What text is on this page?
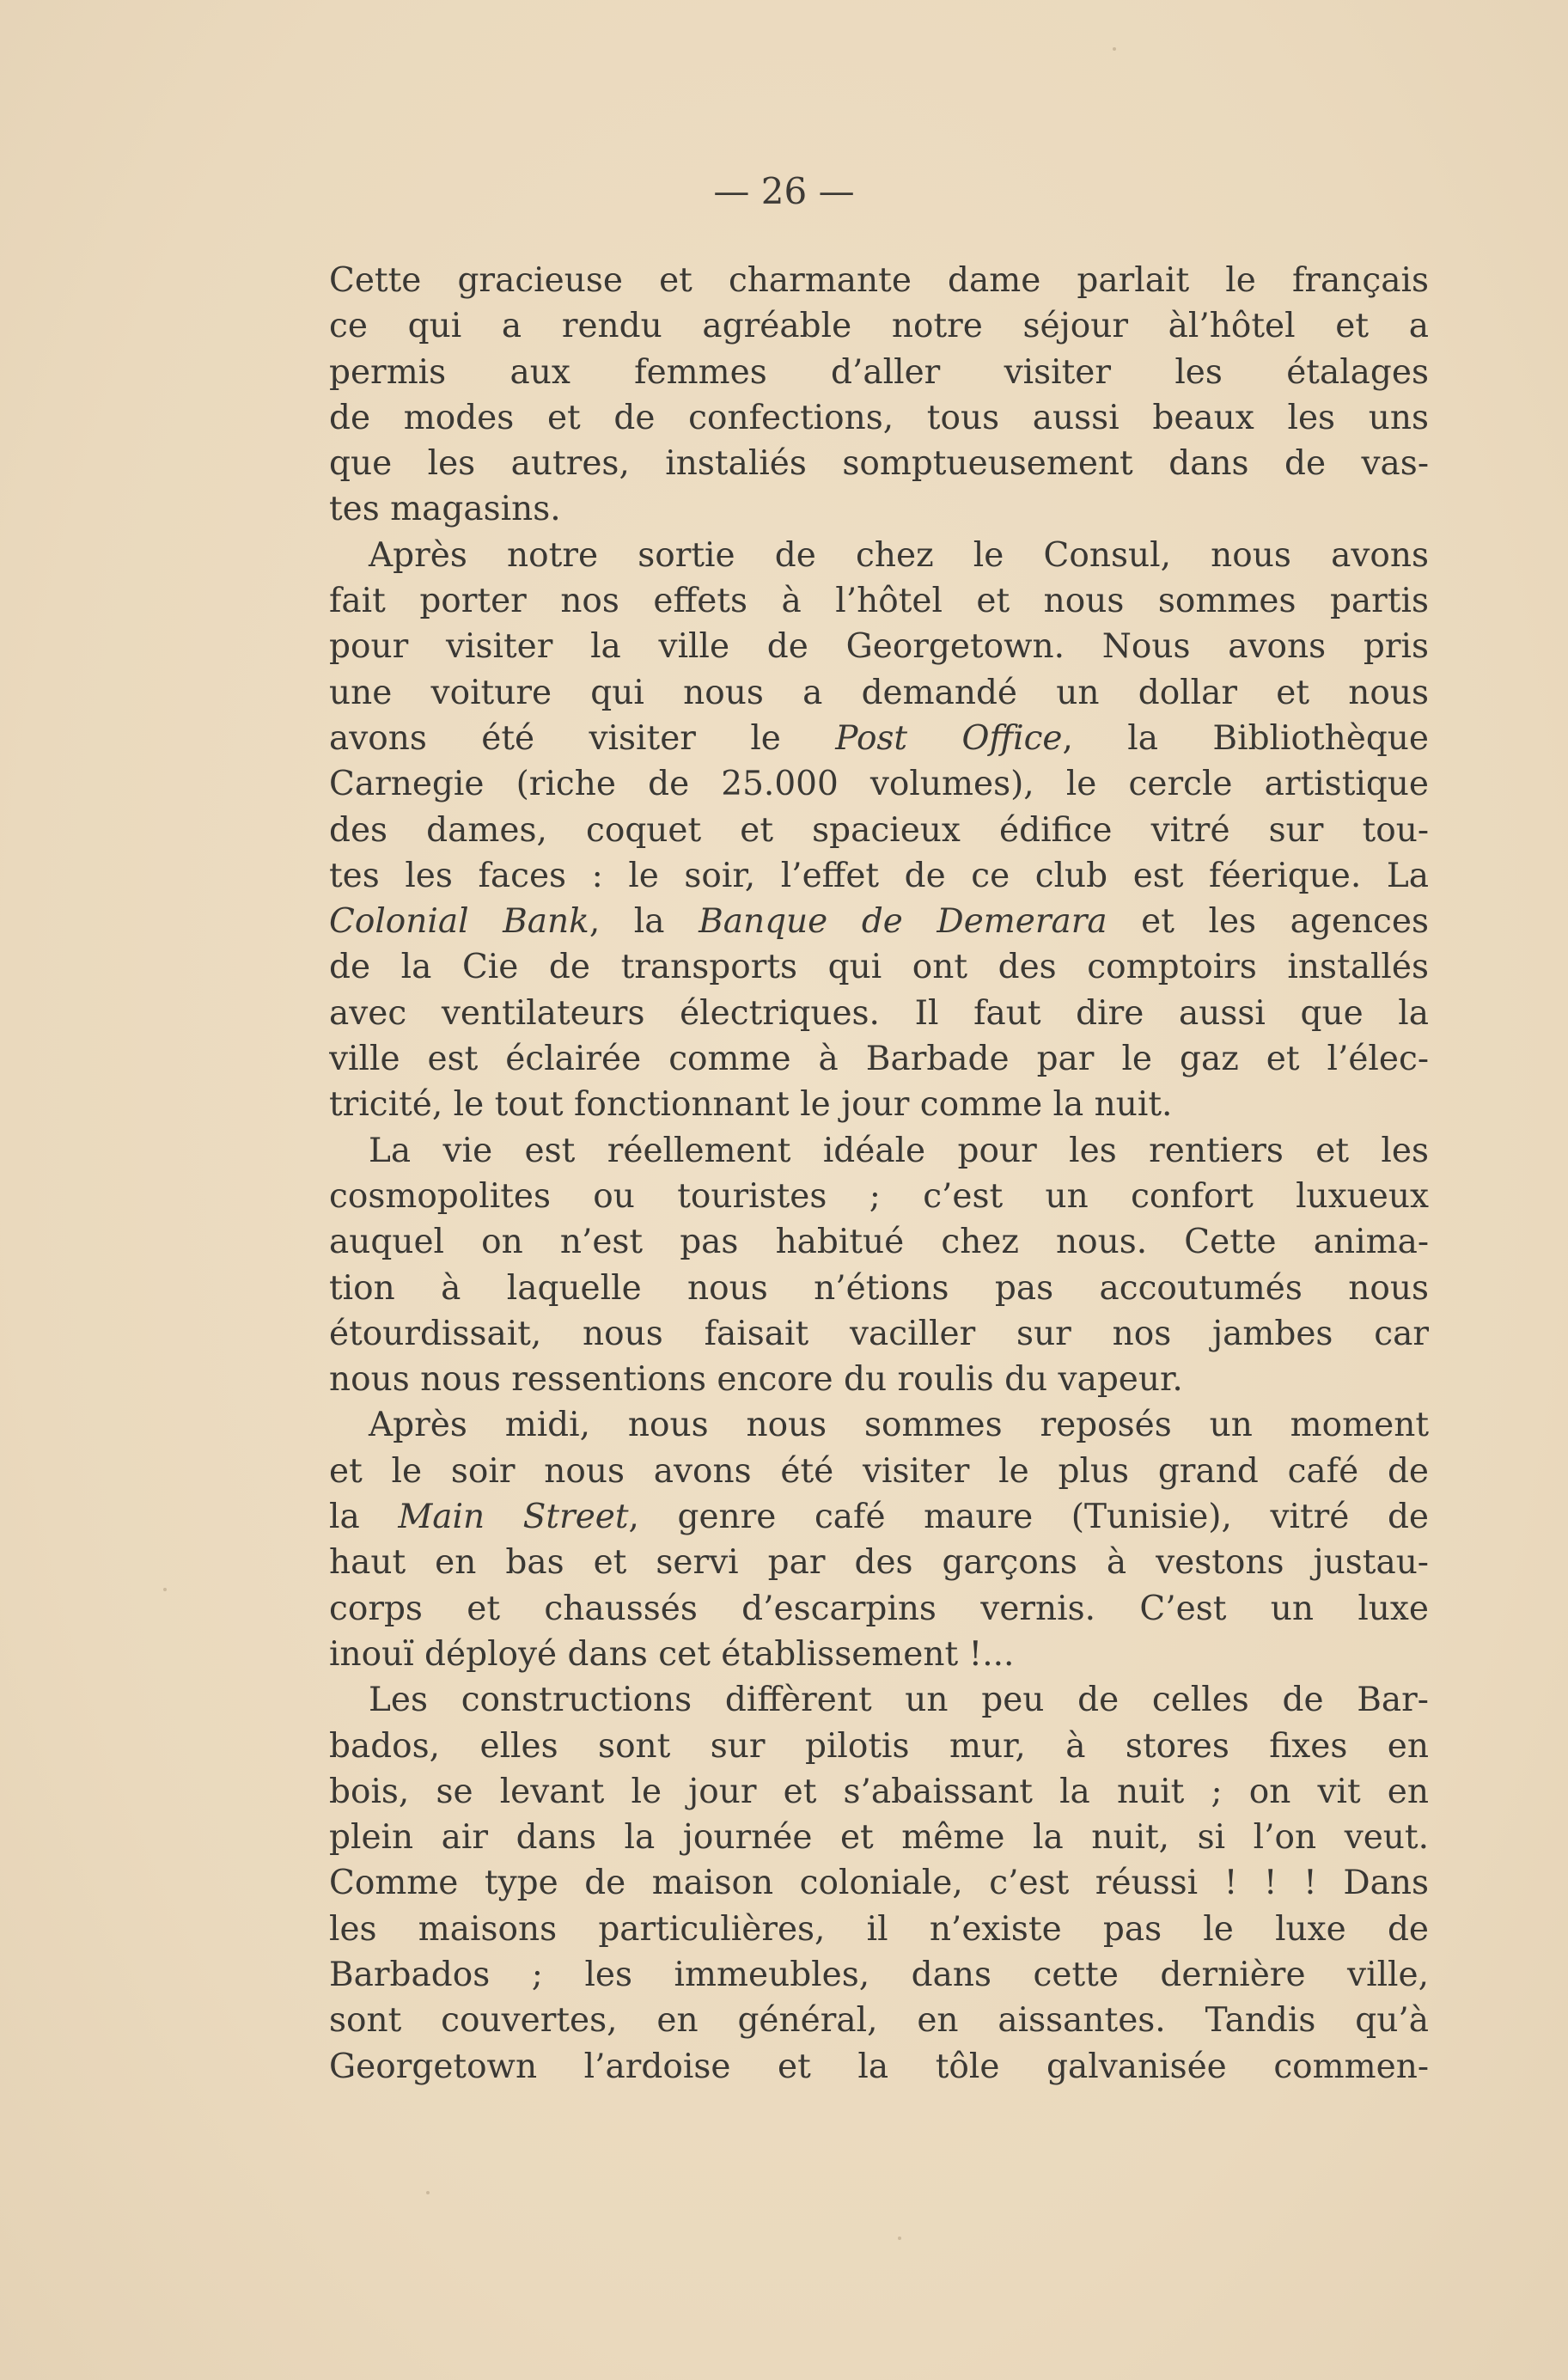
— 26 —
Cette gracieuse et charmante dame parlait le français
ce qui a rendu agréable notre séjour àl’hôtel et a
permis aux femmes d’aller visiter les étalages
de modes et de confections, tous aussi beaux les uns
que les autres, instaliés somptueusement dans de vas-
tes magasins.
Après notre sortie de chez le Consul, nous avons
fait porter nos effets à l’hôtel et nous sommes partis
pour visiter la ville de Georgetown. Nous avons pris
une voiture qui nous a demandé un dollar et nous
avons été visiter le Post Office, la Bibliothèque
Carnegie (riche de 25.000 volumes), le cercle artistique
des dames, coquet et spacieux édifice vitré sur tou-
tes les faces : le soir, l’effet de ce club est féerique. La
Colonial Bank, la Banque de Demerara et les agences
de la Cie de transports qui ont des comptoirs installés
avec ventilateurs électriques. Il faut dire aussi que la
ville est éclairée comme à Barbade par le gaz et l’élec-
tricité, le tout fonctionnant le jour comme la nuit.
La vie est réellement idéale pour les rentiers et les
cosmopolites ou touristes ; c’est un confort luxueux
auquel on n’est pas habitué chez nous. Cette anima-
tion à laquelle nous n’étions pas accoutumés nous
étourdissait, nous faisait vaciller sur nos jambes car
nous nous ressentions encore du roulis du vapeur.
Après midi, nous nous sommes reposés un moment
et le soir nous avons été visiter le plus grand café de
la Main Street, genre café maure (Tunisie), vitré de
haut en bas et servi par des garçons à vestons justau-
corps et chaussés d’escarpins vernis. C’est un luxe
inouï déployé dans cet établissement !...
Les constructions diffèrent un peu de celles de Bar-
bados, elles sont sur pilotis mur, à stores fixes en
bois, se levant le jour et s’abaissant la nuit ; on vit en
plein air dans la journée et même la nuit, si l’on veut.
Comme type de maison coloniale, c’est réussi ! ! ! Dans
les maisons particulières, il n’existe pas le luxe de
Barbados ; les immeubles, dans cette dernière ville,
sont couvertes, en général, en aissantes. Tandis qu’à
Georgetown l’ardoise et la tôle galvanisée commen-
